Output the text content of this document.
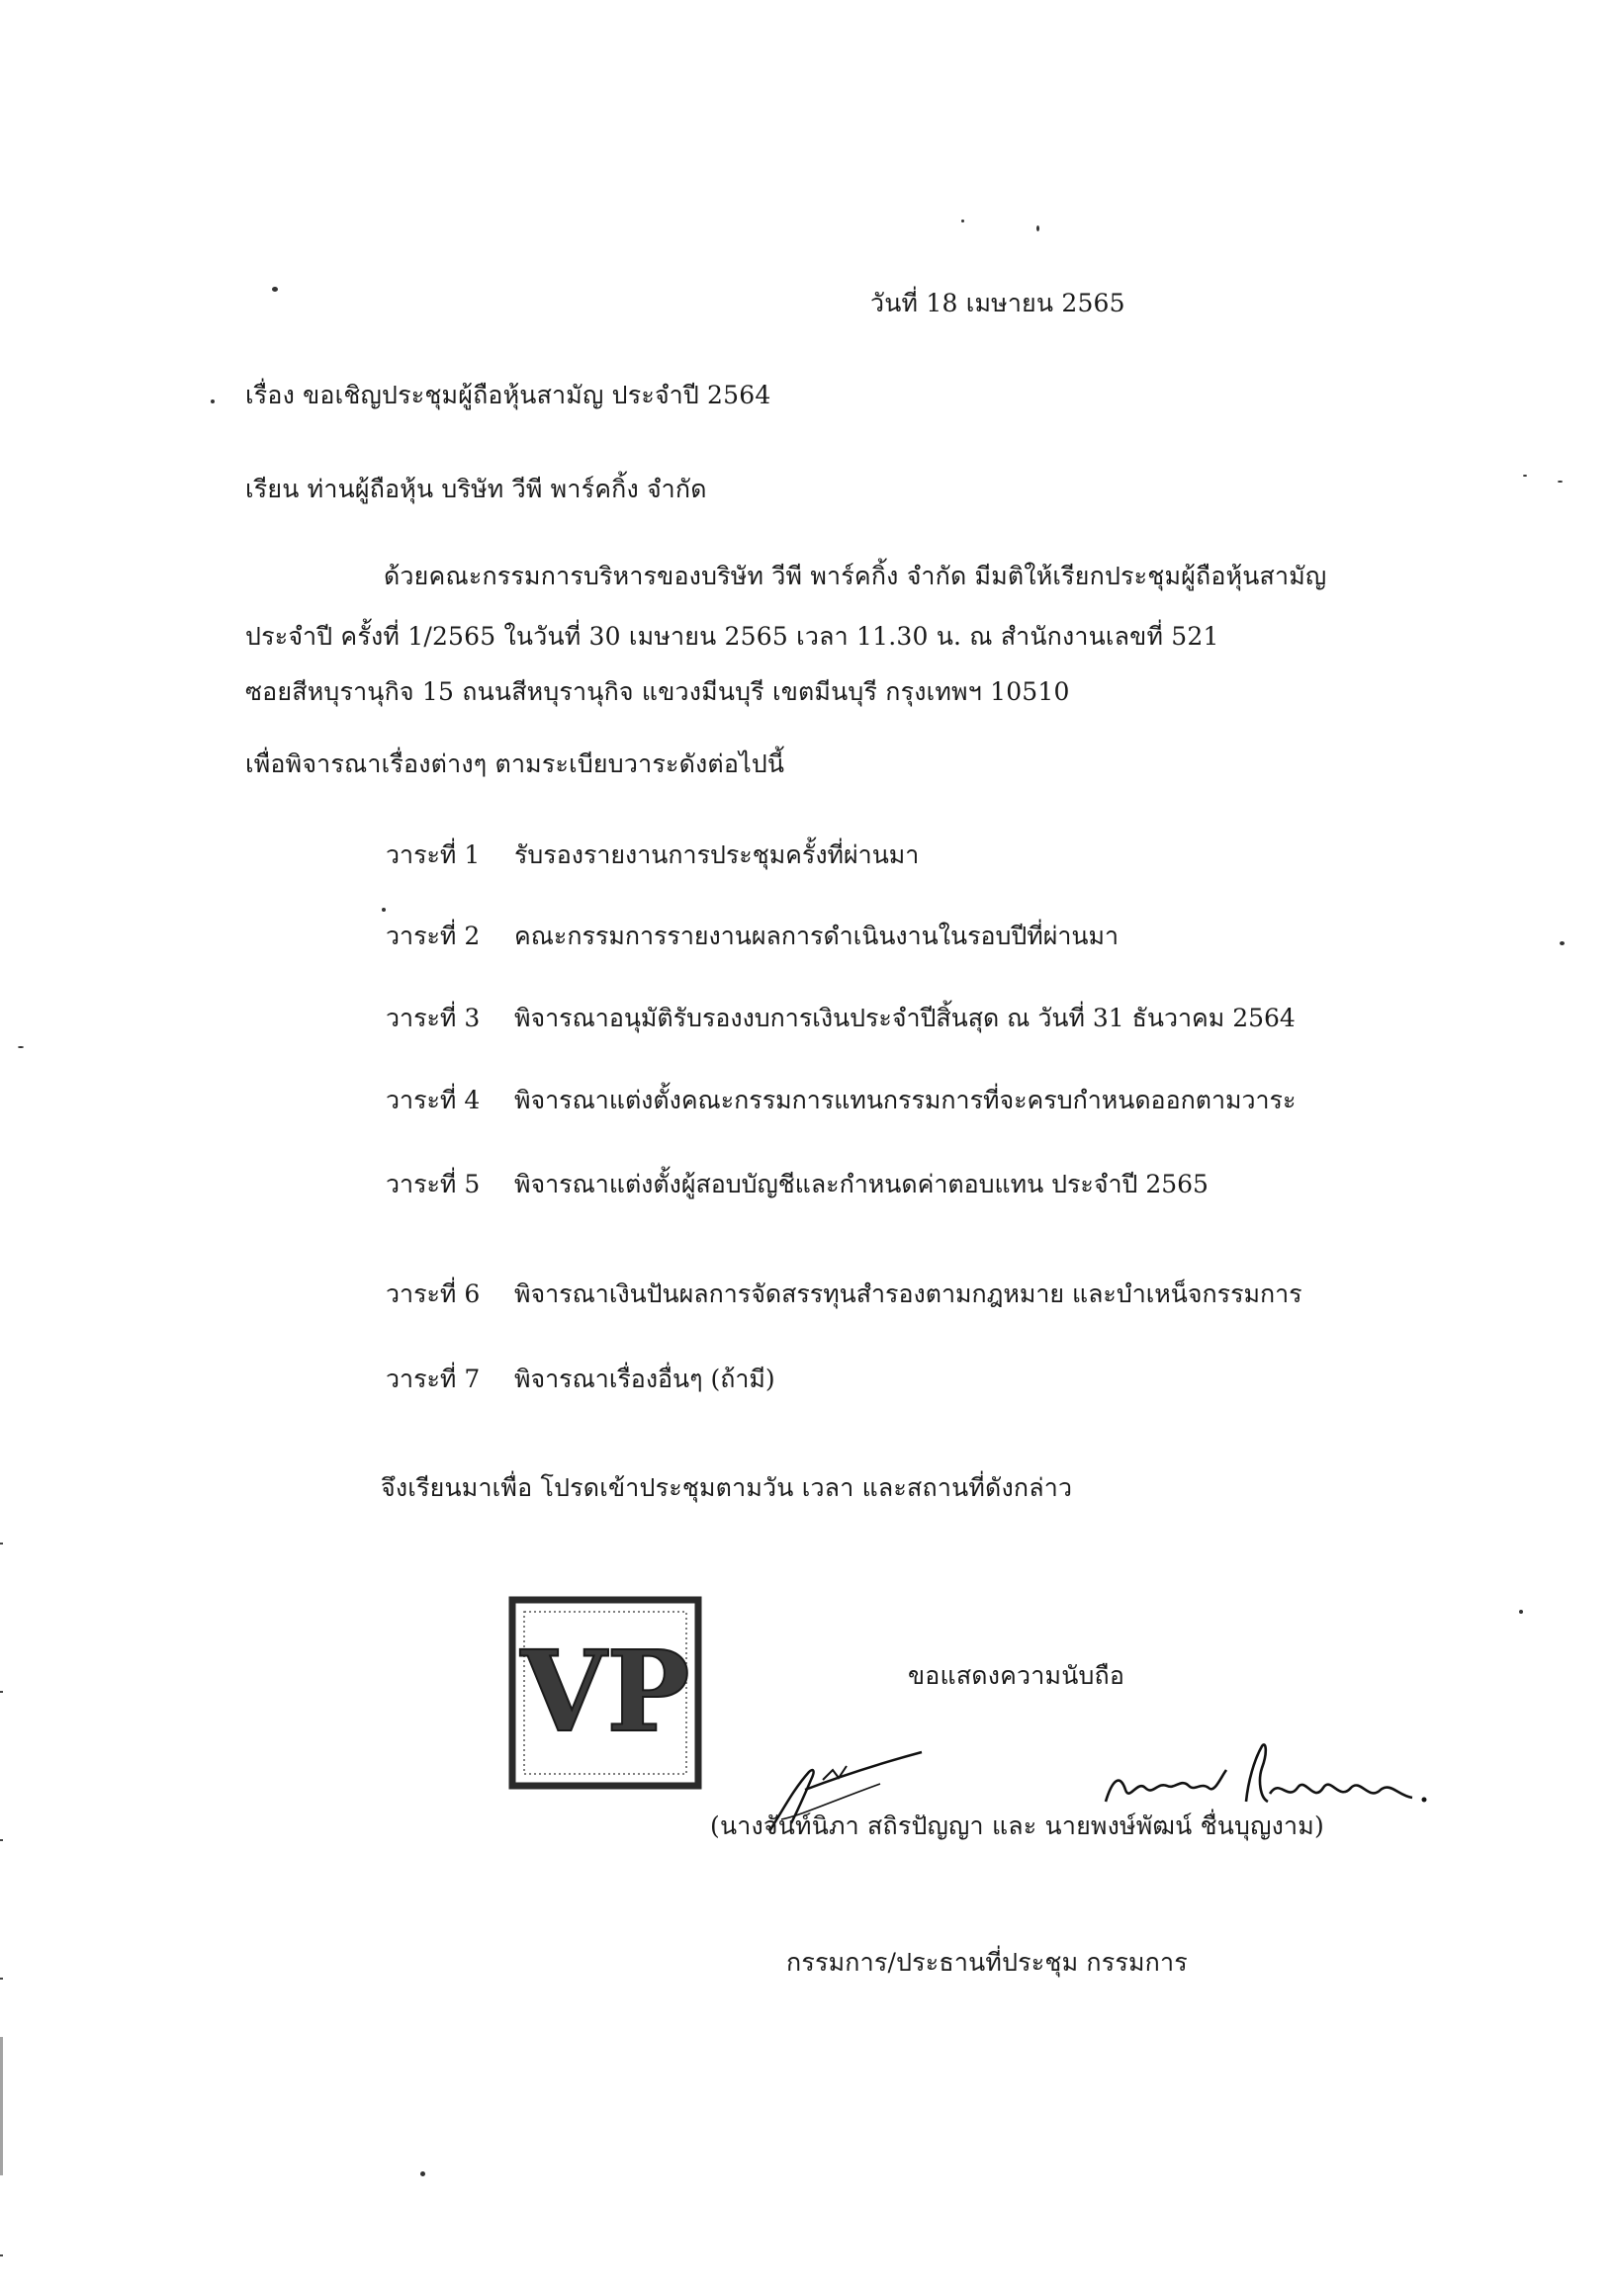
วันที่ 18 เมษายน 2565
เรื่อง ขอเชิญประชุมผู้ถือหุ้นสามัญ ประจำปี 2564
เรียน ท่านผู้ถือหุ้น บริษัท วีพี พาร์คกิ้ง จำกัด
ด้วยคณะกรรมการบริหารของบริษัท วีพี พาร์คกิ้ง จำกัด มีมติให้เรียกประชุมผู้ถือหุ้นสามัญ
ประจำปี ครั้งที่ 1/2565 ในวันที่ 30 เมษายน 2565 เวลา 11.30 น. ณ สำนักงานเลขที่ 521
ซอยสีหบุรานุกิจ 15 ถนนสีหบุรานุกิจ แขวงมีนบุรี เขตมีนบุรี กรุงเทพฯ 10510
เพื่อพิจารณาเรื่องต่างๆ ตามระเบียบวาระดังต่อไปนี้
วาระที่ 1 รับรองรายงานการประชุมครั้งที่ผ่านมา
วาระที่ 2 คณะกรรมการรายงานผลการดำเนินงานในรอบปีที่ผ่านมา
วาระที่ 3 พิจารณาอนุมัติรับรองงบการเงินประจำปีสิ้นสุด ณ วันที่ 31 ธันวาคม 2564
วาระที่ 4 พิจารณาแต่งตั้งคณะกรรมการแทนกรรมการที่จะครบกำหนดออกตามวาระ
วาระที่ 5 พิจารณาแต่งตั้งผู้สอบบัญชีและกำหนดค่าตอบแทน ประจำปี 2565
วาระที่ 6 พิจารณาเงินปันผลการจัดสรรทุนสำรองตามกฎหมาย และบำเหน็จกรรมการ
วาระที่ 7 พิจารณาเรื่องอื่นๆ (ถ้ามี)
จึงเรียนมาเพื่อ โปรดเข้าประชุมตามวัน เวลา และสถานที่ดังกล่าว
ขอแสดงความนับถือ
VP
(นางจันท์นิภา สถิรปัญญา และ นายพงษ์พัฒน์ ชื่นบุญงาม)
กรรมการ/ประธานที่ประชุม กรรมการ
